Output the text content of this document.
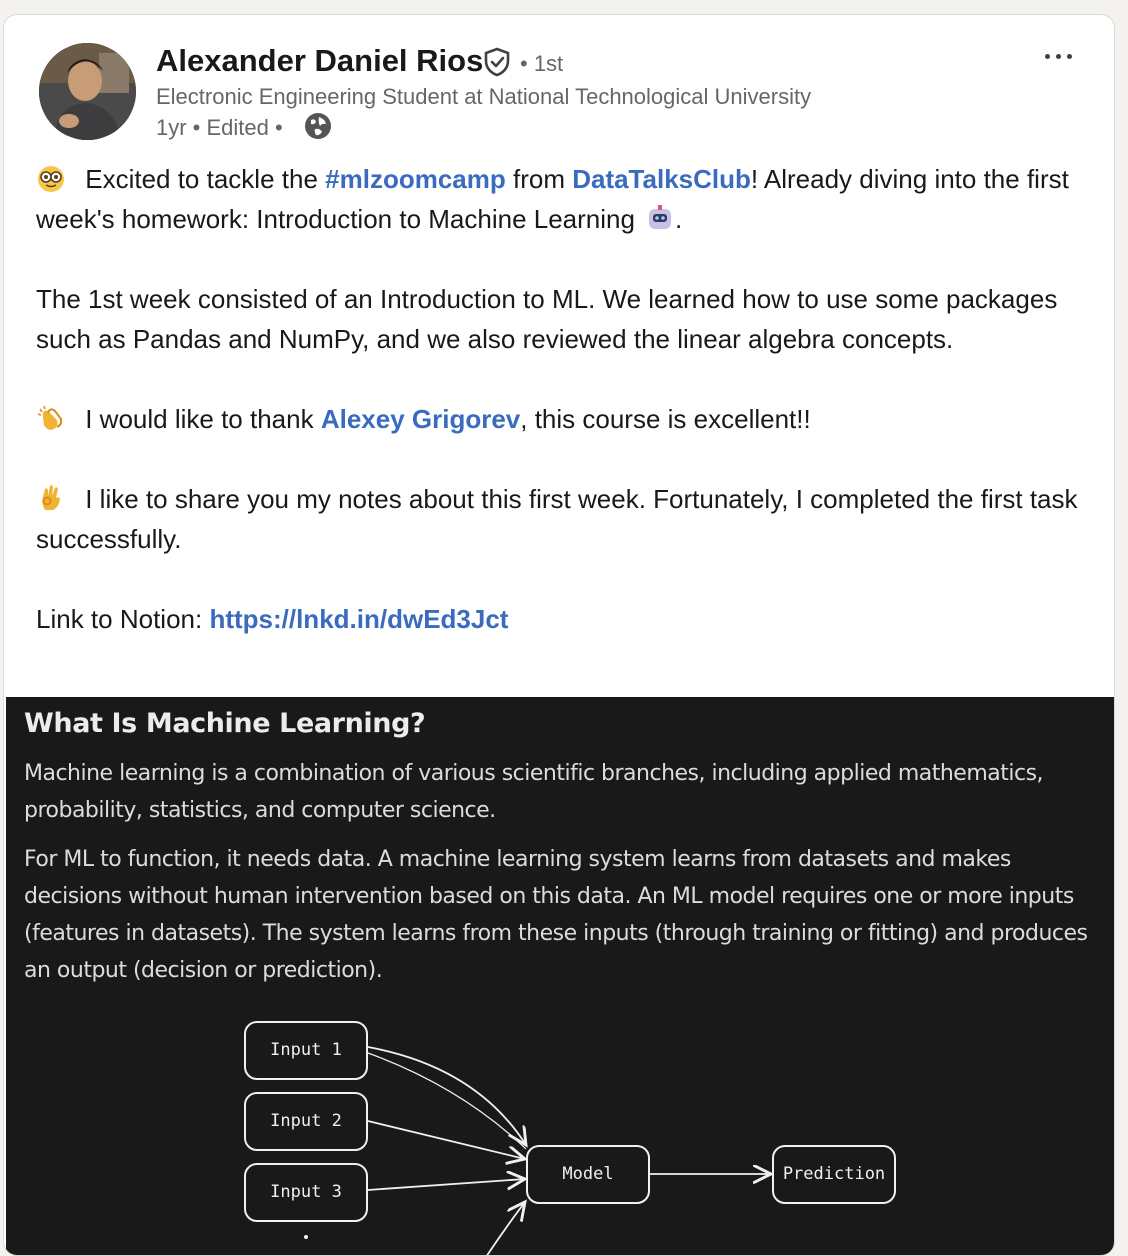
Alexander Daniel Rios • 1st
Electronic Engineering Student at National Technological University
1yr • Edited •

Excited to tackle the #mlzoomcamp from DataTalksClub! Already diving into the first week's homework: Introduction to Machine Learning .

The 1st week consisted of an Introduction to ML. We learned how to use some packages such as Pandas and NumPy, and we also reviewed the linear algebra concepts.

I would like to thank Alexey Grigorev, this course is excellent!!

I like to share you my notes about this first week. Fortunately, I completed the first task successfully.

Link to Notion: https://lnkd.in/dwEd3Jct

What Is Machine Learning?
Machine learning is a combination of various scientific branches, including applied mathematics, probability, statistics, and computer science.
For ML to function, it needs data. A machine learning system learns from datasets and makes decisions without human intervention based on this data. An ML model requires one or more inputs (features in datasets). The system learns from these inputs (through training or fitting) and produces an output (decision or prediction).
Input 1
Input 2
Input 3
Model	Prediction
